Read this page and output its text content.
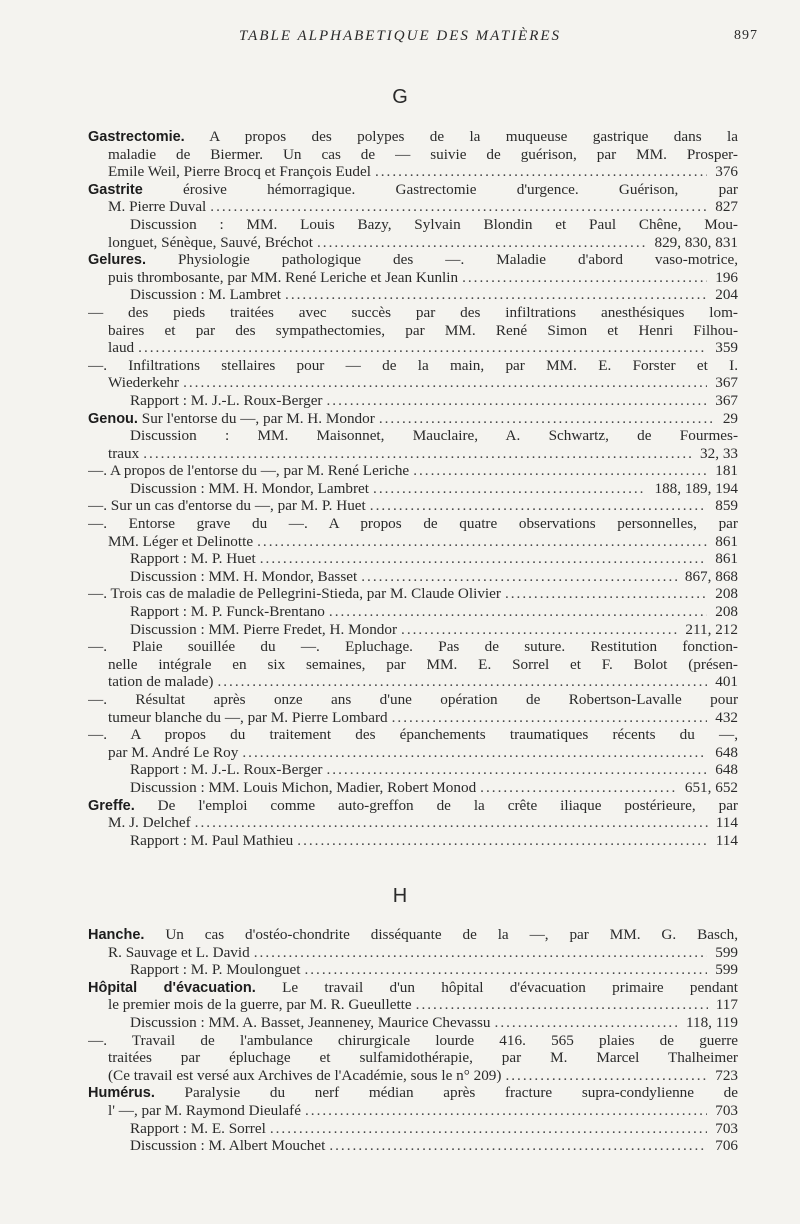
TABLE ALPHABETIQUE DES MATIÈRES	897
G
Gastrectomie. A propos des polypes de la muqueuse gastrique dans la
maladie de Biermer. Un cas de — suivie de guérison, par MM. Prosper-
Emile Weil, Pierre Brocq et François Eudel .....	376
Gastrite érosive hémorragique. Gastrectomie d'urgence. Guérison, par
M. Pierre Duval .....	827
Discussion : MM. Louis Bazy, Sylvain Blondin et Paul Chêne, Mou-
longuet, Sénèque, Sauvé, Bréchot .....	829, 830, 831
Gelures. Physiologie pathologique des —. Maladie d'abord vaso-motrice,
puis thrombosante, par MM. René Leriche et Jean Kunlin .....	196
Discussion : M. Lambret .....	204
— des pieds traitées avec succès par des infiltrations anesthésiques lom-
baires et par des sympathectomies, par MM. René Simon et Henri Filhou-
laud .....	359
—. Infiltrations stellaires pour — de la main, par MM. E. Forster et I.
Wiederkehr .....	367
Rapport : M. J.-L. Roux-Berger .....	367
Genou. Sur l'entorse du —, par M. H. Mondor .....	29
Discussion : MM. Maisonnet, Mauclaire, A. Schwartz, de Fourmes-
traux .....	32, 33
—. A propos de l'entorse du —, par M. René Leriche .....	181
Discussion : MM. H. Mondor, Lambret .....	188, 189, 194
—. Sur un cas d'entorse du —, par M. P. Huet .....	859
—. Entorse grave du —. A propos de quatre observations personnelles, par
MM. Léger et Delinotte .....	861
Rapport : M. P. Huet .....	861
Discussion : MM. H. Mondor, Basset .....	867, 868
—. Trois cas de maladie de Pellegrini-Stieda, par M. Claude Olivier .....	208
Rapport : M. P. Funck-Brentano .....	208
Discussion : MM. Pierre Fredet, H. Mondor .....	211, 212
—. Plaie souillée du —. Epluchage. Pas de suture. Restitution fonction-
nelle intégrale en six semaines, par MM. E. Sorrel et F. Bolot (présen-
tation de malade) .....	401
—. Résultat après onze ans d'une opération de Robertson-Lavalle pour
tumeur blanche du —, par M. Pierre Lombard .....	432
—. A propos du traitement des épanchements traumatiques récents du —,
par M. André Le Roy .....	648
Rapport : M. J.-L. Roux-Berger .....	648
Discussion : MM. Louis Michon, Madier, Robert Monod .....	651, 652
Greffe. De l'emploi comme auto-greffon de la crête iliaque postérieure, par
M. J. Delchef .....	114
Rapport : M. Paul Mathieu .....	114
H
Hanche. Un cas d'ostéo-chondrite disséquante de la —, par MM. G. Basch,
R. Sauvage et L. David .....	599
Rapport : M. P. Moulonguet .....	599
Hôpital d'évacuation. Le travail d'un hôpital d'évacuation primaire pendant
le premier mois de la guerre, par M. R. Gueullette .....	117
Discussion : MM. A. Basset, Jeanneney, Maurice Chevassu .....	118, 119
—. Travail de l'ambulance chirurgicale lourde 416. 565 plaies de guerre
traitées par épluchage et sulfamidothérapie, par M. Marcel Thalheimer
(Ce travail est versé aux Archives de l'Académie, sous le n° 209) .....	723
Humérus. Paralysie du nerf médian après fracture supra-condylienne de
l' —, par M. Raymond Dieulafé .....	703
Rapport : M. E. Sorrel .....	703
Discussion : M. Albert Mouchet .....	706
